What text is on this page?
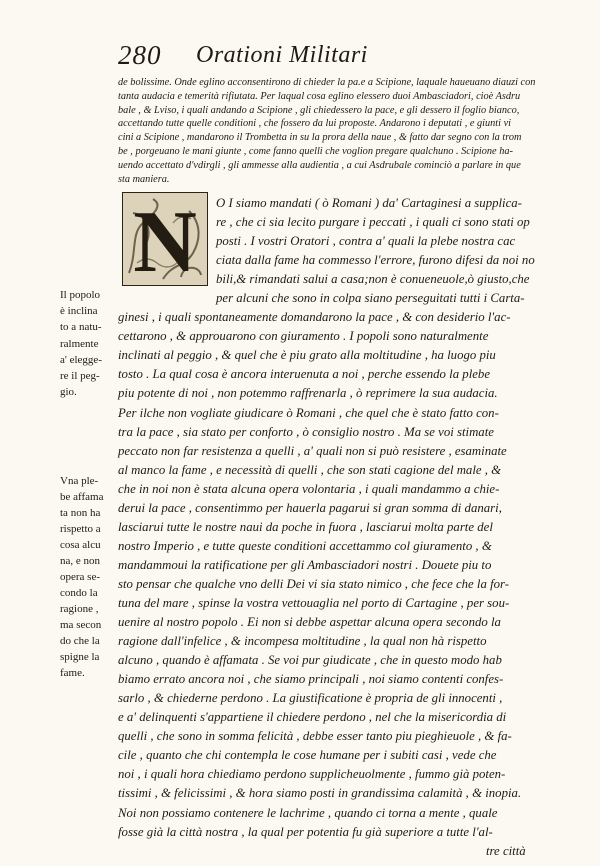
280 Orationi Militari
de bolissime. Onde eglino acconsentirono di chieder la pa.e a Scipione, laquale haueuano diauzi con
tanta audacia e temerità rifiutata. Per laqual cosa eglino elessero duoi Ambasciadori, cioè Asdru
bale , & Lviso, i quali andando a Scipione , gli chiedessero la pace, e gli dessero il foglio bianco,
accettando tutte quelle conditioni , che fossero da lui proposte. Andarono i deputati , e giunti vi
cini a Scipione , mandarono il Trombetta in su la prora della naue , & fatto dar segno con la trom
be , porgeuano le mani giunte , come fanno quelli che voglion pregare qualchuno . Scipione ha-
uendo accettato d'vdirgli , gli ammesse alla audientia , a cui Asdrubale cominciò a parlare in que
sta maniera.
N	O I siamo mandati ( ò Romani ) da' Cartaginesi a supplica-
re , che ci sia lecito purgare i peccati , i quali ci sono stati op
posti . I vostri Oratori , contra a' quali la plebe nostra cac
ciata dalla fame ha commesso l'errore, furono difesi da noi no
bili,& rimandati salui a casa;non è conueneuole,ò giusto,che
per alcuni che sono in colpa siano perseguitati tutti i Carta-
ginesi , i quali spontaneamente domandarono la pace , & con desiderio l'ac-
cettarono , & approuarono con giuramento . I popoli sono naturalmente
inclinati al peggio , & quel che è piu grato alla moltitudine , ha luogo piu
tosto . La qual cosa è ancora interuenuta a noi , perche essendo la plebe
piu potente di noi , non potemmo raffrenarla , ò reprimere la sua audacia.
Per ilche non vogliate giudicare ò Romani , che quel che è stato fatto con-
tra la pace , sia stato per conforto , ò consiglio nostro . Ma se voi stimate
peccato non far resistenza a quelli , a' quali non si può resistere , esaminate
al manco la fame , e necessità di quelli , che son stati cagione del male , &
che in noi non è stata alcuna opera volontaria , i quali mandammo a chie-
derui la pace , consentimmo per hauerla pagarui si gran somma di danari,
lasciarui tutte le nostre naui da poche in fuora , lasciarui molta parte del
nostro Imperio , e tutte queste conditioni accettammo col giuramento , &
mandammoui la ratificatione per gli Ambasciadori nostri . Douete piu to
sto pensar che qualche vno delli Dei vi sia stato nimico , che fece che la for-
tuna del mare , spinse la vostra vettouaglia nel porto di Cartagine , per sou-
uenire al nostro popolo . Ei non si debbe aspettar alcuna opera secondo la
ragione dall'infelice , & incompesa moltitudine , la qual non hà rispetto
alcuno , quando è affamata . Se voi pur giudicate , che in questo modo hab
biamo errato ancora noi , che siamo principali , noi siamo contenti confes-
sarlo , & chiederne perdono . La giustificatione è propria de gli innocenti ,
e a' delinquenti s'appartiene il chiedere perdono , nel che la misericordia di
quelli , che sono in somma felicità , debbe esser tanto piu pieghieuole , & fa-
cile , quanto che chi contempla le cose humane per i subiti casi , vede che
noi , i quali hora chiediamo perdono supplicheuolmente , fummo già poten-
tissimi , & felicissimi , & hora siamo posti in grandissima calamità , & inopia.
Noi non possiamo contenere le lachrime , quando ci torna a mente , quale
fosse già la città nostra , la qual per potentia fu già superiore a tutte l'al-
tre città
Il popolo
è inclina
to a natu-
ralmente
a' elegge-
re il peg-
gio.
Vna ple-
be affama
ta non ha
rispetto a
cosa alcu
na, e non
opera se-
condo la
ragione ,
ma secon
do che la
spigne la
fame.
